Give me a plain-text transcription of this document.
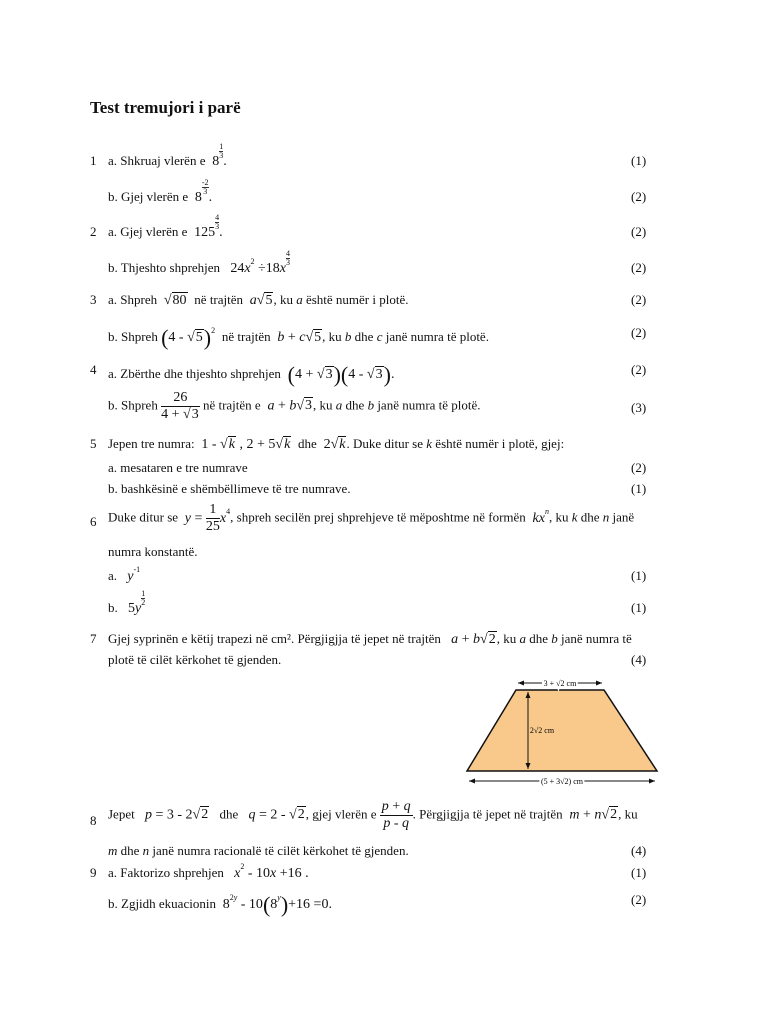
Test tremujori i parë
1 a. Shkruaj vlerën e  8
$\frac{1}{3}$.	(1)
b. Gjej vlerën e  8
$\frac{-2}{3}$.	(2)
2 a. Gjej vlerën e  125
$\frac{4}{3}$.	(2)
b. Thjeshto shprehjen   $24x^2 \div 18x$
$\frac{4}{3}$
(2)
3 a. Shpreh  √80 në trajtën a√5, ku a është numër i plotë.	(2)
b. Shpreh (4 - √5)$^2$ në trajtën b + c√5, ku b dhe c janë numra të plotë.	(2)
4 a. Zbërthe dhe thjeshto shprehjen (4 + √3)(4 - √3).	(2)
b. Shpreh $\frac{26}{4 + √3}$ në trajtën e a + b√3, ku a dhe b janë numra të plotë.	(3)
5 Jepen tre numra:  1 - √k , 2 + 5√k dhe  2√k. Duke ditur se k është numër i plotë, gjej:
a. mesataren e tre numrave	(2)
b. bashkësinë e shëmbëllimeve të tre numrave.	(1)
6 Duke ditur se $y = \frac{1}{25} x^4$, shpreh secilën prej shprehjeve të mëposhtme në formën $kx^n$, ku k dhe n janë
numra konstantë.
a. $y^{-1}$	(1)
b.   5y
$\frac{1}{2}$
(1)
7 Gjej syprinën e këtij trapezi në cm². Përgjigjja të jepet në trajtën a + b√2, ku a dhe b janë numra të
plotë të cilët kërkohet të gjenden.	(4)
3 + √2 cm
2√2 cm
(5 + 3√2) cm
8 Jepet p = 3 - 2√2 dhe q = 2 - √2, gjej vlerën e $\frac{p + q}{p - q}$ . Përgjigjja të jepet në trajtën m + n√2, ku
m dhe n janë numra racionalë të cilët kërkohet të gjenden.	(4)
9 a. Faktorizo shprehjen $x^2 - 10x +16$ .	(1)
b. Zgjidh ekuacionin  $8^{2y} - 10(8^y)+16 =0$.	(2)
